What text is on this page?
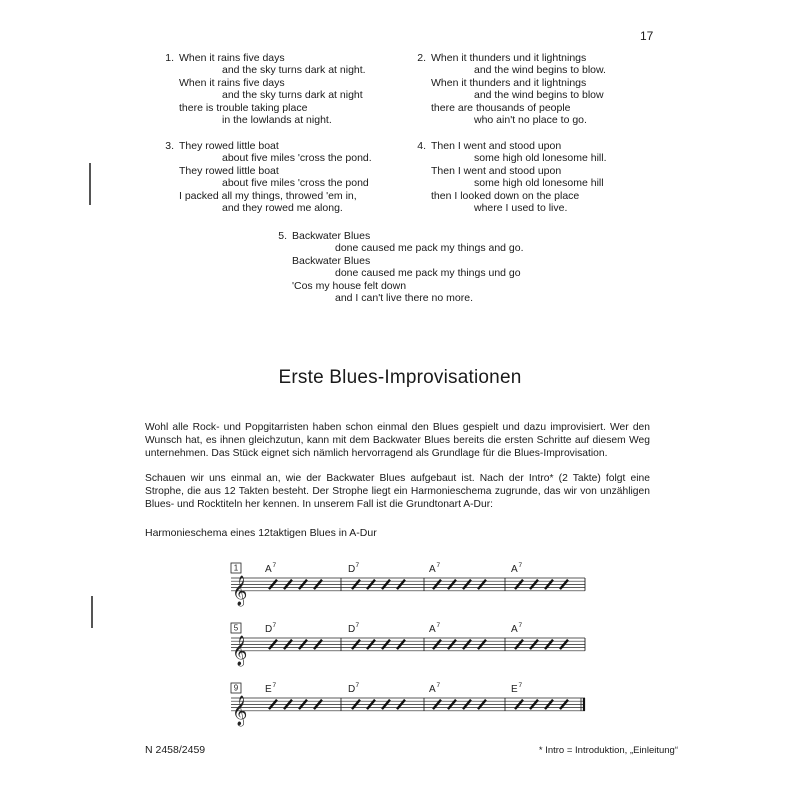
17
1. When it rains five days
and the sky turns dark at night.
When it rains five days
and the sky turns dark at night
there is trouble taking place
in the lowlands at night.
2. When it thunders und it lightnings
and the wind begins to blow.
When it thunders and it lightnings
and the wind begins to blow
there are thousands of people
who ain't no place to go.
3. They rowed little boat
about five miles 'cross the pond.
They rowed little boat
about five miles 'cross the pond
I packed all my things, throwed 'em in,
and they rowed me along.
4. Then I went and stood upon
some high old lonesome hill.
Then I went and stood upon
some high old lonesome hill
then I looked down on the place
where I used to live.
5. Backwater Blues
done caused me pack my things and go.
Backwater Blues
done caused me pack my things und go
'Cos my house felt down
and I can't live there no more.
Erste Blues-Improvisationen
Wohl alle Rock- und Popgitarristen haben schon einmal den Blues gespielt und dazu improvisiert. Wer den Wunsch hat, es ihnen gleichzutun, kann mit dem Backwater Blues bereits die ersten Schritte auf diesem Weg unternehmen. Das Stück eignet sich nämlich hervorragend als Grundlage für die Blues-Improvisation.
Schauen wir uns einmal an, wie der Backwater Blues aufgebaut ist. Nach der Intro* (2 Takte) folgt eine Strophe, die aus 12 Takten besteht. Der Strophe liegt ein Harmonieschema zugrunde, das wir von unzähligen Blues- und Rocktiteln her kennen. In unserem Fall ist die Grundtonart A-Dur:
Harmonieschema eines 12taktigen Blues in A-Dur
𝄞
1	A 7	D 7	A 7	A 7
𝄞
5	D 7	D 7	A 7	A 7
𝄞
9	E 7	D 7	A 7	E 7
N 2458/2459	* Intro = Introduktion, „Einleitung“
